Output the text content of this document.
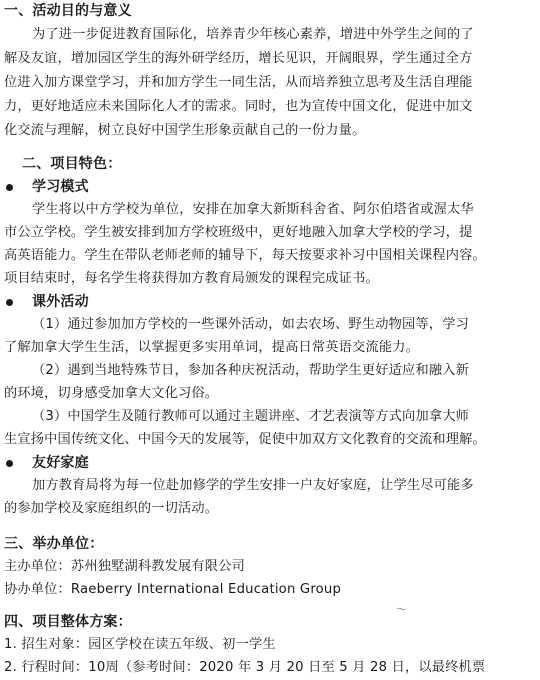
一、活动目的与意义
为了进一步促进教育国际化，培养青少年核心素养，增进中外学生之间的了
解及友谊，增加园区学生的海外研学经历，增长见识，开阔眼界，学生通过全方
位进入加方课堂学习，并和加方学生一同生活，从而培养独立思考及生活自理能
力，更好地适应未来国际化人才的需求。同时，也为宣传中国文化，促进中加文
化交流与理解，树立良好中国学生形象贡献自己的一份力量。
二、项目特色：
学习模式
学生将以中方学校为单位，安排在加拿大新斯科舍省、阿尔伯塔省或渥太华
市公立学校。学生被安排到加方学校班级中，更好地融入加拿大学校的学习，提
高英语能力。学生在带队老师老师的辅导下，每天按要求补习中国相关课程内容。
项目结束时，每名学生将获得加方教育局颁发的课程完成证书。
课外活动
（1）通过参加加方学校的一些课外活动，如去农场、野生动物园等，学习
了解加拿大学生生活，以掌握更多实用单词，提高日常英语交流能力。
（2）遇到当地特殊节日，参加各种庆祝活动，帮助学生更好适应和融入新
的环境，切身感受加拿大文化习俗。
（3）中国学生及随行教师可以通过主题讲座、才艺表演等方式向加拿大师
生宣扬中国传统文化、中国今天的发展等，促使中加双方文化教育的交流和理解。
友好家庭
加方教育局将为每一位赴加修学的学生安排一户友好家庭，让学生尽可能多
的参加学校及家庭组织的一切活动。
三、举办单位：
主办单位：苏州独墅湖科教发展有限公司
协办单位：Raeberry International Education Group
〜
四、项目整体方案：
1. 招生对象：园区学校在读五年级、初一学生
2. 行程时间：10周（参考时间：2020 年 3 月 20 日至 5 月 28 日，以最终机票
